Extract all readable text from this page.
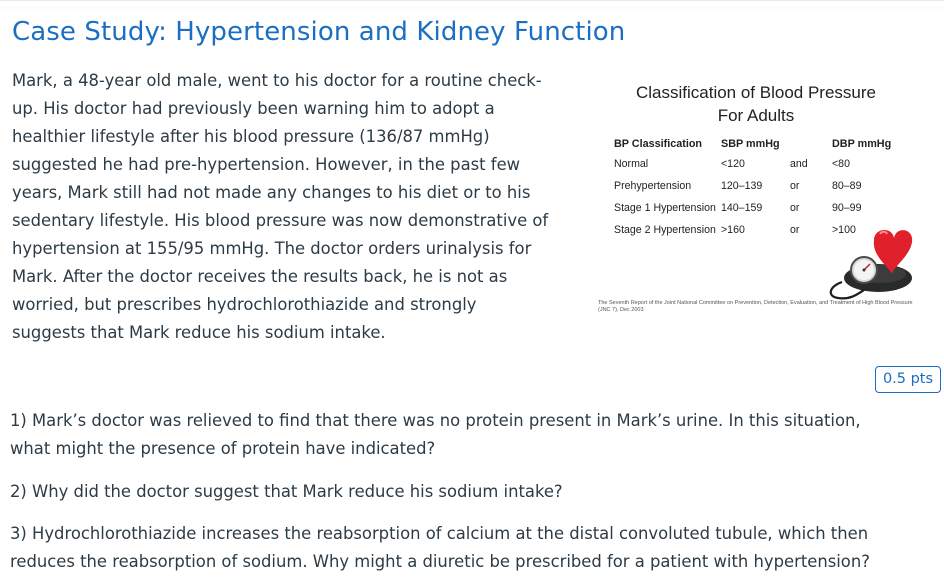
Case Study: Hypertension and Kidney Function

Mark, a 48-year old male, went to his doctor for a routine check-up. His doctor had previously been warning him to adopt a healthier lifestyle after his blood pressure (136/87 mmHg) suggested he had pre-hypertension. However, in the past few years, Mark still had not made any changes to his diet or to his sedentary lifestyle. His blood pressure was now demonstrative of hypertension at 155/95 mmHg. The doctor orders urinalysis for Mark. After the doctor receives the results back, he is not as worried, but prescribes hydrochlorothiazide and strongly suggests that Mark reduce his sodium intake.

Classification of Blood Pressure
For Adults
BP Classification SBP mmHg	DBP mmHg
Normal	<120	and <80
Prehypertension	120–139	or	80–89
Stage 1 Hypertension 140–159	or	90–99
Stage 2 Hypertension >160	or	>100
The Seventh Report of the Joint National Committee on Prevention, Detection, Evaluation, and Treatment of High Blood Pressure (JNC 7), Dec 2003
0.5 pts

1) Mark’s doctor was relieved to find that there was no protein present in Mark’s urine. In this situation, what might the presence of protein have indicated?

2) Why did the doctor suggest that Mark reduce his sodium intake?

3) Hydrochlorothiazide increases the reabsorption of calcium at the distal convoluted tubule, which then reduces the reabsorption of sodium. Why might a diuretic be prescribed for a patient with hypertension?
